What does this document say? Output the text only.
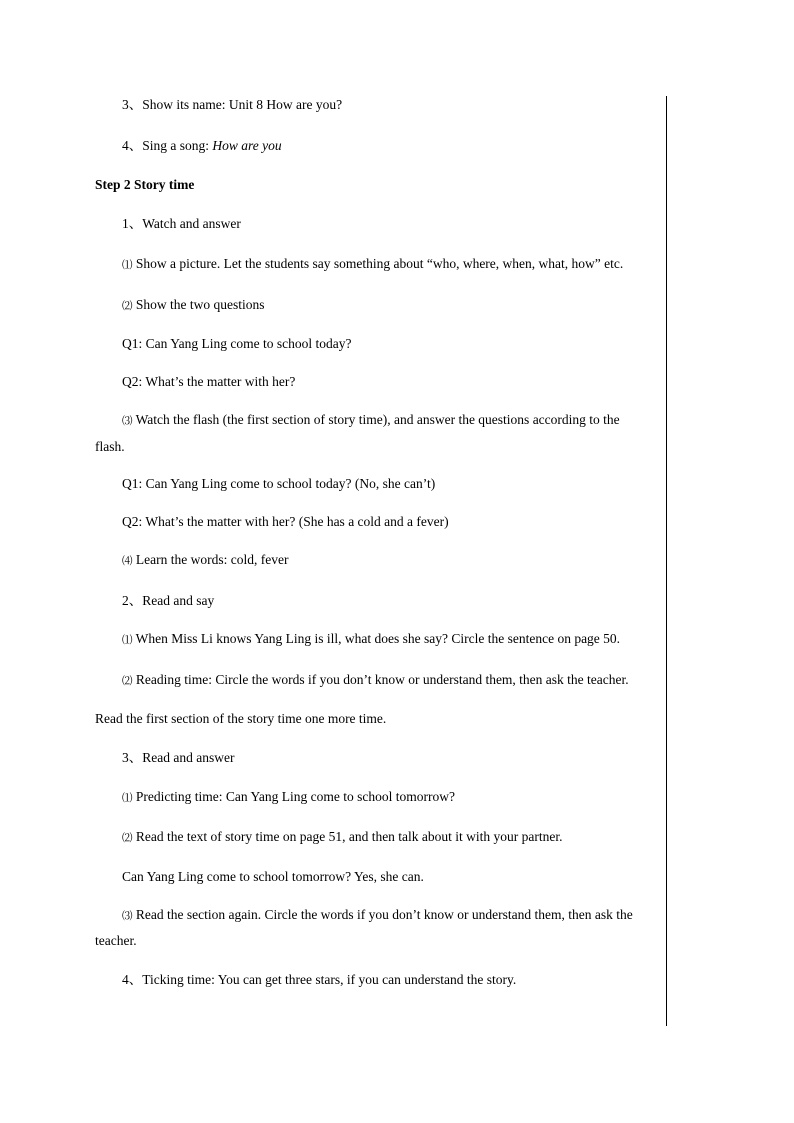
3、Show its name: Unit 8 How are you?
4、Sing a song: How are you
Step 2 Story time
1、Watch and answer
⑴ Show a picture. Let the students say something about “who, where, when, what, how” etc.
⑵ Show the two questions
Q1: Can Yang Ling come to school today?
Q2: What’s the matter with her?
⑶ Watch the flash (the first section of story time), and answer the questions according to the
flash.
Q1: Can Yang Ling come to school today? (No, she can’t)
Q2: What’s the matter with her? (She has a cold and a fever)
⑷ Learn the words: cold, fever
2、Read and say
⑴ When Miss Li knows Yang Ling is ill, what does she say? Circle the sentence on page 50.
⑵ Reading time: Circle the words if you don’t know or understand them, then ask the teacher.
Read the first section of the story time one more time.
3、Read and answer
⑴ Predicting time: Can Yang Ling come to school tomorrow?
⑵ Read the text of story time on page 51, and then talk about it with your partner.
Can Yang Ling come to school tomorrow? Yes, she can.
⑶ Read the section again. Circle the words if you don’t know or understand them, then ask the
teacher.
4、Ticking time: You can get three stars, if you can understand the story.
